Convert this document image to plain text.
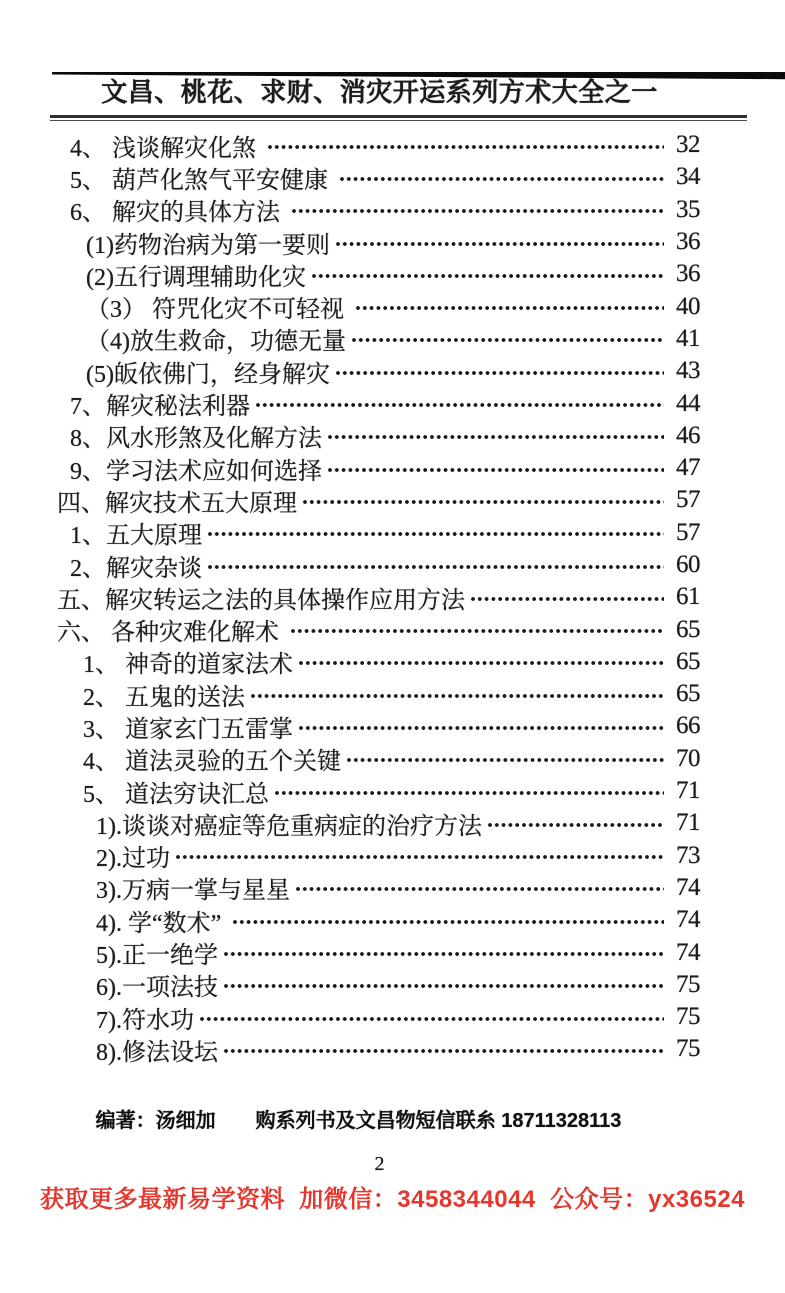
文昌、桃花、求财、消灾开运系列方术大全之一
4、 浅谈解灾化煞	32
5、 葫芦化煞气平安健康	34
6、 解灾的具体方法	35
(1)药物治病为第一要则	36
(2)五行调理辅助化灾	36
（3） 符咒化灾不可轻视	40
（4)放生救命，功德无量	41
(5)皈依佛门，经身解灾	43
7、解灾秘法利器	44
8、风水形煞及化解方法	46
9、学习法术应如何选择	47
四、解灾技术五大原理	57
1、五大原理	57
2、解灾杂谈	60
五、解灾转运之法的具体操作应用方法	61
六、 各种灾难化解术	65
1、 神奇的道家法术	65
2、 五鬼的送法	65
3、 道家玄门五雷掌	66
4、 道法灵验的五个关键	70
5、 道法穷诀汇总	71
1).谈谈对癌症等危重病症的治疗方法	71
2).过功	73
3).万病一掌与星星	74
4). 学“数术”	74
5).正一绝学	74
6).一项法技	75
7).符水功	75
8).修法设坛	75
编著：汤细加　　购系列书及文昌物短信联糸 18711328113
2
获取更多最新易学资料  加微信：3458344044  公众号：yx36524
